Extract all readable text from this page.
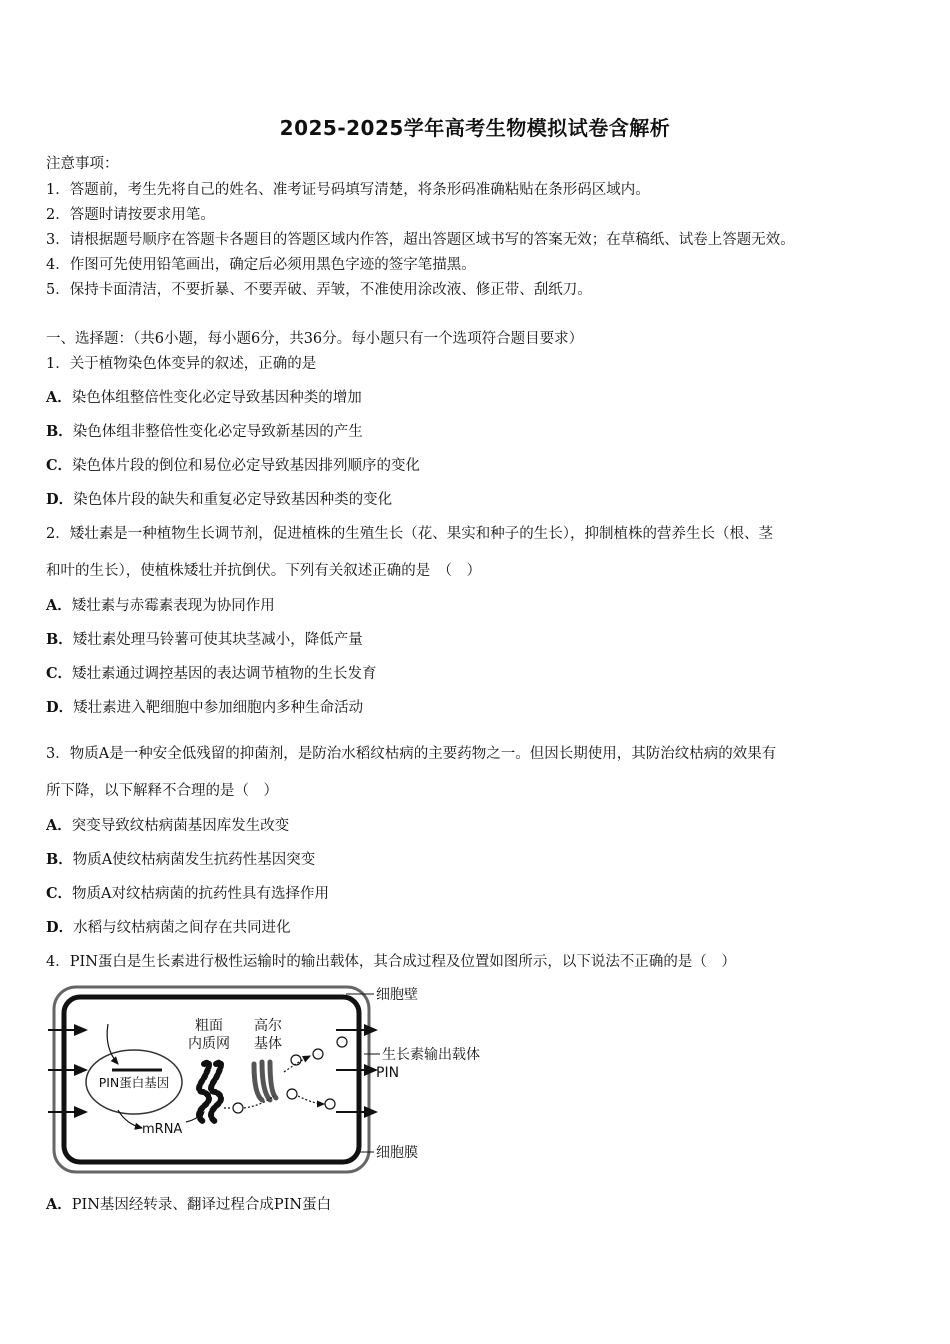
2025-2025学年高考生物模拟试卷含解析
注意事项：
1．答题前，考生先将自己的姓名、准考证号码填写清楚，将条形码准确粘贴在条形码区域内。
2．答题时请按要求用笔。
3．请根据题号顺序在答题卡各题目的答题区域内作答，超出答题区域书写的答案无效；在草稿纸、试卷上答题无效。
4．作图可先使用铅笔画出，确定后必须用黑色字迹的签字笔描黑。
5．保持卡面清洁，不要折暴、不要弄破、弄皱，不准使用涂改液、修正带、刮纸刀。
一、选择题：（共6小题，每小题6分，共36分。每小题只有一个选项符合题目要求）
1．关于植物染色体变异的叙述，正确的是
A．染色体组整倍性变化必定导致基因种类的增加
B．染色体组非整倍性变化必定导致新基因的产生
C．染色体片段的倒位和易位必定导致基因排列顺序的变化
D．染色体片段的缺失和重复必定导致基因种类的变化
2．矮壮素是一种植物生长调节剂，促进植株的生殖生长（花、果实和种子的生长），抑制植株的营养生长（根、茎
和叶的生长），使植株矮壮并抗倒伏。下列有关叙述正确的是　（　）
A．矮壮素与赤霉素表现为协同作用
B．矮壮素处理马铃薯可使其块茎减小，降低产量
C．矮壮素通过调控基因的表达调节植物的生长发育
D．矮壮素进入靶细胞中参加细胞内多种生命活动
3．物质A是一种安全低残留的抑菌剂，是防治水稻纹枯病的主要药物之一。但因长期使用，其防治纹枯病的效果有
所下降，以下解释不合理的是（　）
A．突变导致纹枯病菌基因库发生改变
B．物质A使纹枯病菌发生抗药性基因突变
C．物质A对纹枯病菌的抗药性具有选择作用
D．水稻与纹枯病菌之间存在共同进化
4．PIN蛋白是生长素进行极性运输时的输出载体，其合成过程及位置如图所示，以下说法不正确的是（　）
PIN蛋白基因
mRNA
粗面
内质网
高尔
基体
细胞壁
生长素输出载体
PIN
细胞膜
A．PIN基因经转录、翻译过程合成PIN蛋白
